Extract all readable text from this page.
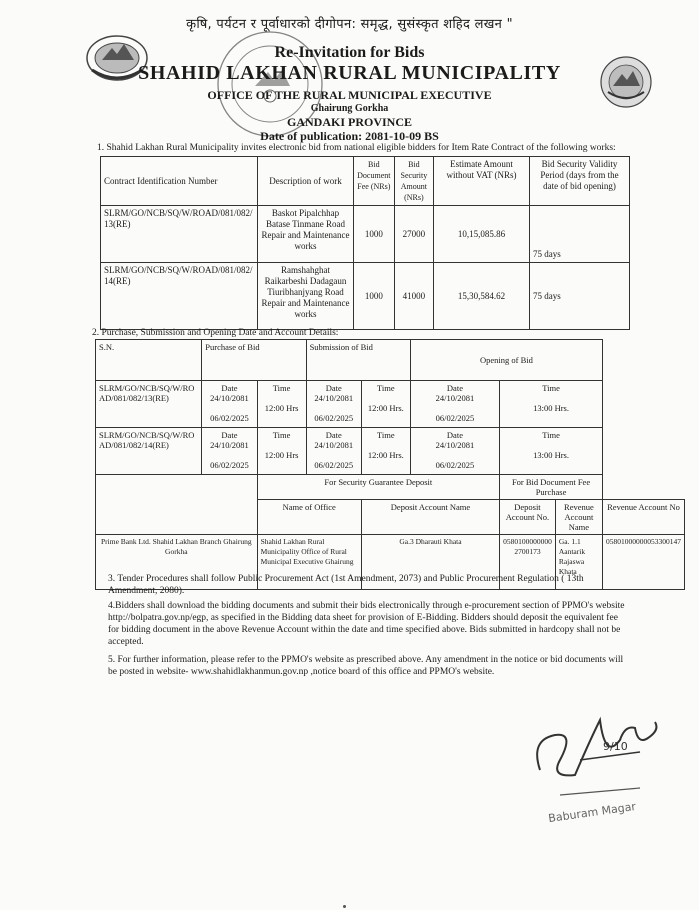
कृषि, पर्यटन र पूर्वाधारको दीगोपन: समृद्ध, सुसंस्कृत शहिद लखन "
Re-Invitation for Bids
SHAHID LAKHAN RURAL MUNICIPALITY
OFFICE OF THE RURAL MUNICIPAL EXECUTIVE
Ghairung Gorkha
GANDAKI PROVINCE
Date of publication: 2081-10-09 BS

1. Shahid Lakhan Rural Municipality invites electronic bid from national eligible bidders for Item Rate Contract of the following works:

Contract Identification Number	Description of work	Bid Document Fee (NRs)	Bid Security Amount (NRs)	Estimate Amount without VAT (NRs)	Bid Security Validity Period (days from the date of bid opening)
SLRM/GO/NCB/SQ/W/ROAD/081/082/ 13(RE)	Baskot Pipalchhap Batase Tinmane Road Repair and Maintenance works	1000	27000	10,15,085.86	75 days
SLRM/GO/NCB/SQ/W/ROAD/081/082/ 14(RE)	Ramshahghat Raikarbeshi Dadagaun Tiuribhanjyang Road Repair and Maintenance works	1000	41000	15,30,584.62	75 days

2. Purchase, Submission and Opening Date and Account Details:

S.N.	Purchase of Bid		Submission of Bid		Opening of Bid			
SLRM/GO/NCB/SQ/W/RO AD/081/082/13(RE)	Date
24/10/2081

06/02/2025	Time

12:00 Hrs	Date
24/10/2081

06/02/2025	Time

12:00 Hrs.	Date
24/10/2081

06/02/2025	Time

13:00 Hrs.		
SLRM/GO/NCB/SQ/W/RO AD/081/082/14(RE)	Date
24/10/2081

06/02/2025	Time

12:00 Hrs	Date
24/10/2081

06/02/2025	Time

12:00 Hrs.	Date
24/10/2081

06/02/2025	Time

13:00 Hrs.		
		For Security Guarantee Deposit				For Bid Document Fee Purchase		
		Name of Office		Deposit Account Name		Deposit Account No.	Revenue Account Name	Revenue Account No
Prime Bank Ltd. Shahid Lakhan Branch Ghairung Gorkha		Shahid Lakhan Rural Municipality Office of Rural Municipal Executive Ghairung		Ga.3 Dharauti Khata		0580100000000 2700173	Ga. 1.1 Aantarik Rajaswa Khata	05801000000053300147

3. Tender Procedures shall follow Public Procurement Act (1st Amendment, 2073) and Public Procurement Regulation ( 13th Amendment, 2080).

4.Bidders shall download the bidding documents and submit their bids electronically through e-procurement section of PPMO's website http://bolpatra.gov.np/egp, as specified in the Bidding data sheet for provision of E-Bidding. Bidders should deposit the equivalent fee for bidding document in the above Revenue Account within the date and time specified above. Bids submitted in hardcopy shall not be accepted.

5. For further information, please refer to the PPMO's website as prescribed above. Any amendment in the notice or bid documents will be posted in website- www.shahidlakhanmun.gov.np ,notice board of this office and PPMO's website.

9/10
Baburam Magar
